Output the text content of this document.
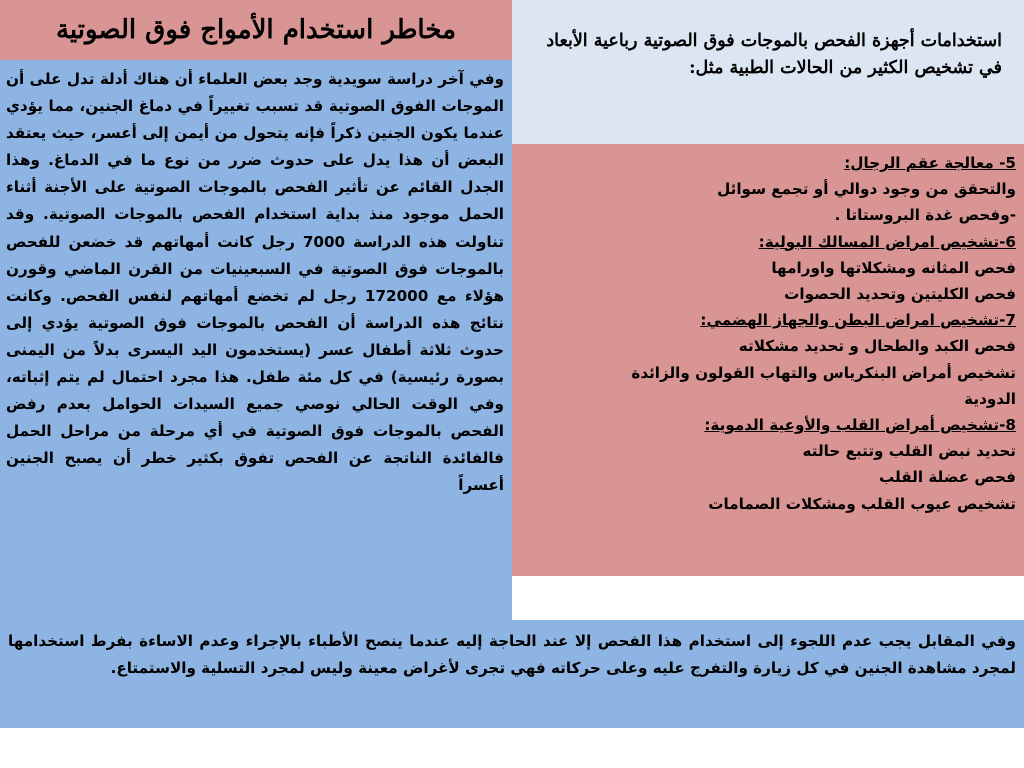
مخاطر استخدام الأمواج فوق الصوتية	استخدامات أجهزة الفحص بالموجات فوق الصوتية رباعية الأبعاد في تشخيص الكثير من الحالات الطبية مثل:

وفي آخر دراسة سويدية وجد بعض العلماء أن هناك أدلة تدل على أن الموجات الفوق الصوتية قد تسبب تغييراً في دماغ الجنين، مما يؤدي عندما يكون الجنين ذكراً فإنه يتحول من أيمن إلى أعسر، حيث يعتقد البعض أن هذا يدل على حدوث ضرر من نوع ما في الدماغ. وهذا الجدل القائم عن تأثير الفحص بالموجات الصوتية على الأجنة أثناء الحمل موجود منذ بداية استخدام الفحص بالموجات الصوتية. وقد تناولت هذه الدراسة 7000 رجل كانت أمهاتهم قد خضعن للفحص بالموجات فوق الصوتية في السبعينيات من القرن الماضي وقورن هؤلاء مع 172000 رجل لم تخضع أمهاتهم لنفس الفحص. وكانت نتائج هذه الدراسة أن الفحص بالموجات فوق الصوتية يؤدي إلى حدوث ثلاثة أطفال عسر (يستخدمون اليد اليسرى بدلاً من اليمنى بصورة رئيسية) في كل مئة طفل. هذا مجرد احتمال لم يتم إثباته، وفي الوقت الحالي نوصي جميع السيدات الحوامل بعدم رفض الفحص بالموجات فوق الصوتية في أي مرحلة من مراحل الحمل فالفائدة الناتجة عن الفحص تفوق بكثير خطر أن يصبح الجنين أعسراً

5- معالجة عقم الرجال:
والتحقق من وجود دوالي أو تجمع سوائل
-وفحص غدة البروستاتا .
6-تشخيص امراض المسالك البولية:
فحص المثانه ومشكلاتها واورامها
فحص الكليتين وتحديد الحصوات
7-تشخيص امراض البطن والجهاز الهضمي:
فحص الكبد والطحال و تحديد مشكلاته
تشخيص أمراض البنكرياس والتهاب القولون والزائدة
الدودية
8-تشخيص أمراض القلب والأوعية الدموية:
تحديد نبض القلب وتتبع حالته
فحص عضلة القلب
تشخيص عيوب القلب ومشكلات الصمامات

وفي المقابل يجب عدم اللجوء إلى استخدام هذا الفحص إلا عند الحاجة إليه عندما ينصح الأطباء بالإجراء وعدم الاساءة بفرط استخدامها لمجرد مشاهدة الجنين في كل زيارة والتفرج عليه وعلى حركاته فهي تجرى لأغراض معينة وليس لمجرد التسلية والاستمتاع.
